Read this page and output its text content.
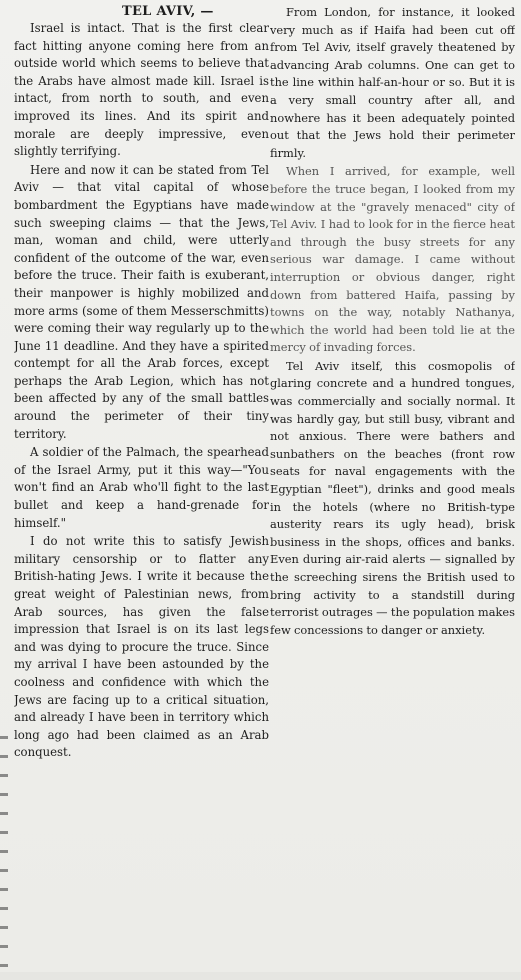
TEL AVIV, —

Israel is intact. That is the first clear fact hitting anyone coming here from an outside world which seems to believe that the Arabs have almost made kill. Israel is intact, from north to south, and even improved its lines. And its spirit and morale are deeply impressive, even slightly terrifying.

Here and now it can be stated from Tel Aviv — that vital capital of whose bombardment the Egyptians have made such sweeping claims — that the Jews, man, woman and child, were utterly confident of the outcome of the war, even before the truce. Their faith is exuberant, their manpower is highly mobilized and more arms (some of them Messerschmitts) were coming their way regularly up to the June 11 deadline. And they have a spirited contempt for all the Arab forces, except perhaps the Arab Legion, which has not been affected by any of the small battles around the perimeter of their tiny territory.

A soldier of the Palmach, the spearhead of the Israel Army, put it this way—"You won't find an Arab who'll fight to the last bullet and keep a hand-grenade for himself."

I do not write this to satisfy Jewish military censorship or to flatter any British-hating Jews. I write it because the great weight of Palestinian news, from Arab sources, has given the false impression that Israel is on its last legs and was dying to procure the truce. Since my arrival I have been astounded by the coolness and confidence with which the Jews are facing up to a critical situation, and already I have been in territory which long ago had been claimed as an Arab conquest.

From London, for instance, it looked very much as if Haifa had been cut off from Tel Aviv, itself gravely theatened by advancing Arab columns. One can get to the line within half-an-hour or so. But it is a very small country after all, and nowhere has it been adequately pointed out that the Jews hold their perimeter firmly.

When I arrived, for example, well before the truce began, I looked from my window at the "gravely menaced" city of Tel Aviv. I had to look for in the fierce heat and through the busy streets for any serious war damage. I came without interruption or obvious danger, right down from battered Haifa, passing by towns on the way, notably Nathanya, which the world had been told lie at the mercy of invading forces.

Tel Aviv itself, this cosmopolis of glaring concrete and a hundred tongues, was commercially and socially normal. It was hardly gay, but still busy, vibrant and not anxious. There were bathers and sunbathers on the beaches (front row seats for naval engagements with the Egyptian "fleet"), drinks and good meals in the hotels (where no British-type austerity rears its ugly head), brisk business in the shops, offices and banks. Even during air-raid alerts — signalled by the screeching sirens the British used to bring activity to a standstill during terrorist outrages — the population makes few concessions to danger or anxiety.
